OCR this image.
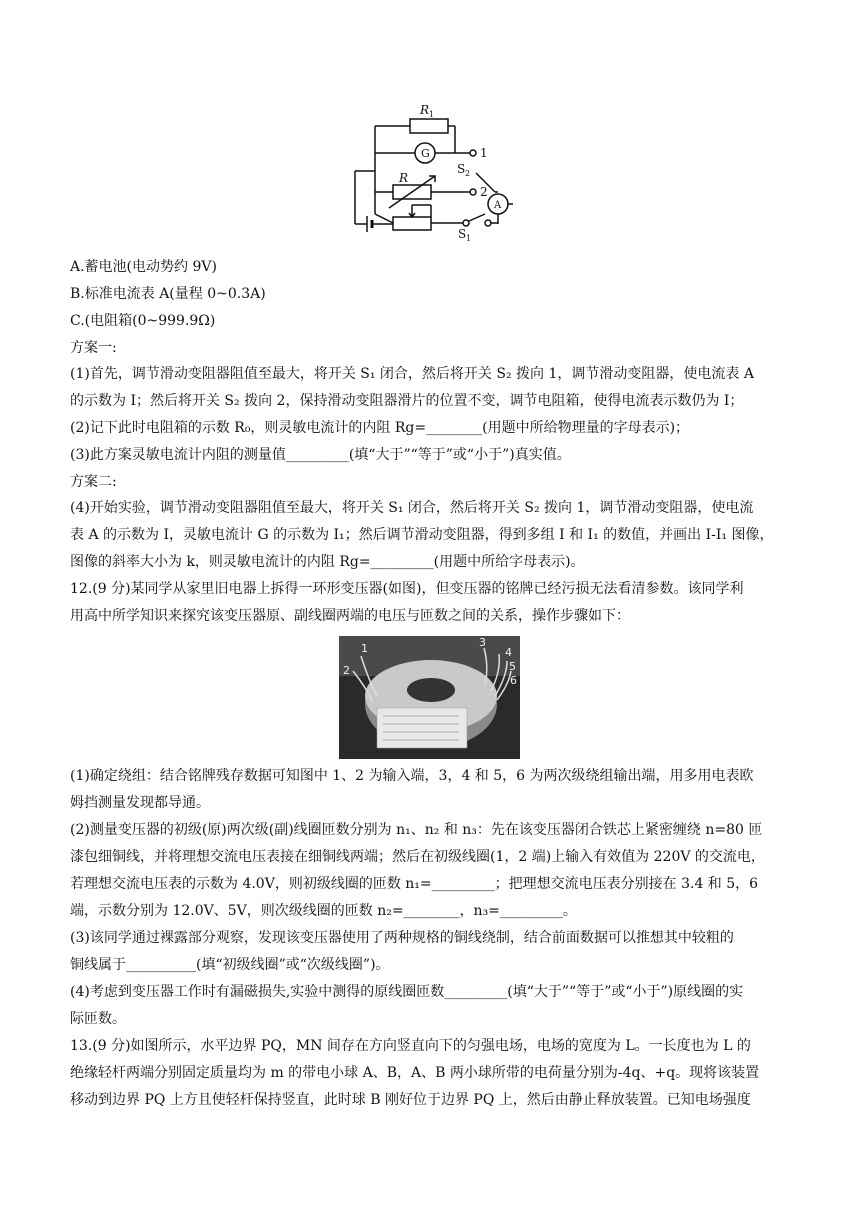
R 1
G	1
S 2
R
2
A
S 1
A.蓄电池(电动势约 9V)
B.标准电流表 A(量程 0~0.3A)
C.(电阻箱(0~999.9Ω)
方案一:
(1)首先，调节滑动变阻器阻值至最大，将开关 S₁ 闭合，然后将开关 S₂ 拨向 1，调节滑动变阻器，使电流表 A
的示数为 I；然后将开关 S₂ 拨向 2，保持滑动变阻器滑片的位置不变，调节电阻箱，使得电流表示数仍为 I；
(2)记下此时电阻箱的示数 R₀，则灵敏电流计的内阻 Rg=________(用题中所给物理量的字母表示)；
(3)此方案灵敏电流计内阻的测量值_________(填“大于”“等于”或“小于”)真实值。
方案二:
(4)开始实验，调节滑动变阻器阻值至最大，将开关 S₁ 闭合，然后将开关 S₂ 拨向 1，调节滑动变阻器，使电流
表 A 的示数为 I，灵敏电流计 G 的示数为 I₁；然后调节滑动变阻器，得到多组 I 和 I₁ 的数值，并画出 I-I₁ 图像，
图像的斜率大小为 k，则灵敏电流计的内阻 Rg=_________(用题中所给字母表示)。
12.(9 分)某同学从家里旧电器上拆得一环形变压器(如图)，但变压器的铭牌已经污损无法看清参数。该同学利
用高中所学知识来探究该变压器原、副线圈两端的电压与匝数之间的关系，操作步骤如下：
1
2
3
4
5
6
(1)确定绕组：结合铭牌残存数据可知图中 1、2 为输入端，3，4 和 5，6 为两次级绕组输出端，用多用电表欧
姆挡测量发现都导通。
(2)测量变压器的初级(原)两次级(副)线圈匝数分别为 n₁、n₂ 和 n₃：先在该变压器闭合铁芯上紧密缠绕 n=80 匝
漆包细铜线，并将理想交流电压表接在细铜线两端；然后在初级线圈(1，2 端)上输入有效值为 220V 的交流电，
若理想交流电压表的示数为 4.0V，则初级线圈的匝数 n₁=_________；把理想交流电压表分别接在 3.4 和 5，6
端，示数分别为 12.0V、5V，则次级线圈的匝数 n₂=________，n₃=_________。
(3)该同学通过裸露部分观察，发现该变压器使用了两种规格的铜线绕制，结合前面数据可以推想其中较粗的
铜线属于__________(填“初级线圈”或“次级线圈”)。
(4)考虑到变压器工作时有漏磁损失,实验中测得的原线圈匝数_________(填“大于”“等于”或“小于”)原线圈的实
际匝数。
13.(9 分)如图所示，水平边界 PQ，MN 间存在方向竖直向下的匀强电场，电场的宽度为 L。一长度也为 L 的
绝缘轻杆两端分别固定质量均为 m 的带电小球 A、B，A、B 两小球所带的电荷量分别为-4q、+q。现将该装置
移动到边界 PQ 上方且使轻杆保持竖直，此时球 B 刚好位于边界 PQ 上，然后由静止释放装置。已知电场强度
